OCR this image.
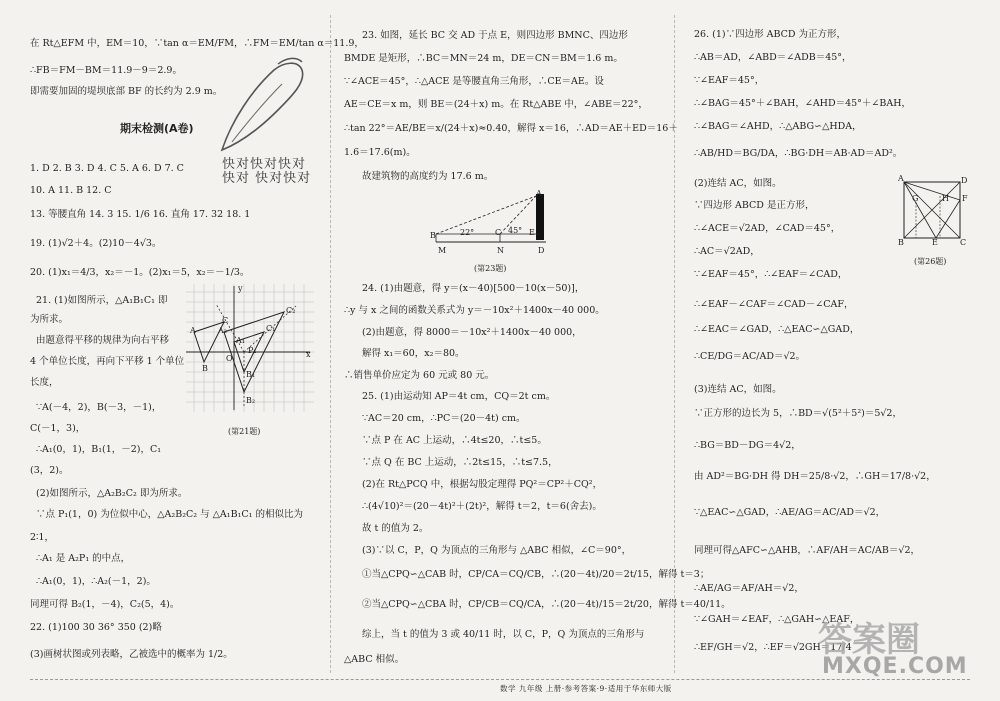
在 Rt△EFM 中，EM＝10，∵tan α＝EM/FM，∴FM＝EM/tan α＝11.9，
∴FB＝FM－BM＝11.9－9＝2.9。
即需要加固的堤坝底部 BF 的长约为 2.9 m。
期末检测(A卷)
1. D 2. B 3. D 4. C 5. A 6. D 7. C
10. A 11. B 12. C
13. 等腰直角 14. 3 15. 1/6 16. 直角 17. 32 18. 1
19. (1)√2＋4。(2)10－4√3。
20. (1)x₁＝4/3，x₂＝－1。(2)x₁＝5，x₂＝－1/3。
21. (1)如图所示，△A₁B₁C₁ 即
为所求。
由题意得平移的规律为向右平移
4 个单位长度，再向下平移 1 个单位
长度，
∵A(－4，2)，B(－3，－1)，
C(－1，3)，
∴A₁(0，1)，B₁(1，－2)，C₁
(3，2)。
(2)如图所示，△A₂B₂C₂ 即为所求。
∵点 P₁(1，0) 为位似中心，△A₂B₂C₂ 与 △A₁B₁C₁ 的相似比为
2∶1，
∴A₁ 是 A₂P₁ 的中点，
∴A₁(0，1)，∴A₂(－1，2)。
同理可得 B₂(1，－4)，C₂(5，4)。
22. (1)100 30 36° 350 (2)略
(3)画树状图或列表略，乙被选中的概率为 1/2。
A
B
C
A₁
B₁
C₁
A₂
B₂
C₂
P₁
O	x
y
(第21题)
快对快对快对
快对 快对快对
23. 如图，延长 BC 交 AD 于点 E，则四边形 BMNC、四边形
BMDE 是矩形，∴BC＝MN＝24 m，DE＝CN＝BM＝1.6 m。
∵∠ACE＝45°，∴△ACE 是等腰直角三角形，∴CE＝AE。设
AE＝CE＝x m，则 BE＝(24＋x) m。在 Rt△ABE 中，∠ABE＝22°，
∴tan 22°＝AE/BE＝x/(24＋x)≈0.40，解得 x＝16，∴AD＝AE＋ED＝16＋
1.6＝17.6(m)。
故建筑物的高度约为 17.6 m。
A
B	C	E
M	N	D
22°	45°
(第23题)
24. (1)由题意，得 y＝(x－40)[500－10(x－50)]，
∴y 与 x 之间的函数关系式为 y＝－10x²＋1400x－40 000。
(2)由题意，得 8000＝－10x²＋1400x－40 000，
解得 x₁＝60，x₂＝80。
∴销售单价应定为 60 元或 80 元。
25. (1)由运动知 AP＝4t cm，CQ＝2t cm。
∵AC＝20 cm，∴PC＝(20－4t) cm。
∵点 P 在 AC 上运动，∴4t≤20，∴t≤5。
∵点 Q 在 BC 上运动，∴2t≤15，∴t≤7.5，
(2)在 Rt△PCQ 中，根据勾股定理得 PQ²＝CP²＋CQ²，
∴(4√10)²＝(20－4t)²＋(2t)²，解得 t＝2，t＝6(舍去)。
故 t 的值为 2。
(3)∵以 C，P，Q 为顶点的三角形与 △ABC 相似，∠C＝90°，
①当△CPQ∽△CAB 时，CP/CA＝CQ/CB，∴(20－4t)/20＝2t/15，解得 t＝3；
②当△CPQ∽△CBA 时，CP/CB＝CQ/CA，∴(20－4t)/15＝2t/20，解得 t＝40/11。
综上，当 t 的值为 3 或 40/11 时，以 C，P，Q 为顶点的三角形与
△ABC 相似。
26. (1)∵四边形 ABCD 为正方形，
∴AB＝AD，∠ABD＝∠ADB＝45°，
∵∠EAF＝45°，
∴∠BAG＝45°＋∠BAH，∠AHD＝45°＋∠BAH，
∴∠BAG＝∠AHD，∴△ABG∽△HDA，
∴AB/HD＝BG/DA，∴BG·DH＝AB·AD＝AD²。
(2)连结 AC，如图。
∵四边形 ABCD 是正方形，
∴∠ACE＝√2AD，∠CAD＝45°，
∴AC＝√2AD，
∵∠EAF＝45°，∴∠EAF＝∠CAD，
∴∠EAF－∠CAF＝∠CAD－∠CAF，
∴∠EAC＝∠GAD，∴△EAC∽△GAD，
∴CE/DG＝AC/AD＝√2。
(3)连结 AC，如图。
∵正方形的边长为 5，∴BD＝√(5²＋5²)＝5√2，
∴BG＝BD－DG＝4√2，
由 AD²＝BG·DH 得 DH＝25/8·√2，∴GH＝17/8·√2，
∵△EAC∽△GAD，∴AE/AG＝AC/AD＝√2，
同理可得△AFC∽△AHB，∴AF/AH＝AC/AB＝√2，
∴AE/AG＝AF/AH＝√2，
∵∠GAH＝∠EAF，∴△GAH∽△EAF，
∴EF/GH＝√2，∴EF＝√2GH＝17/4
A	D
F
G	H
B	E	C
(第26题)
答案圈
MXQE.COM
数学 九年级 上册·参考答案·9·适用于华东师大版
